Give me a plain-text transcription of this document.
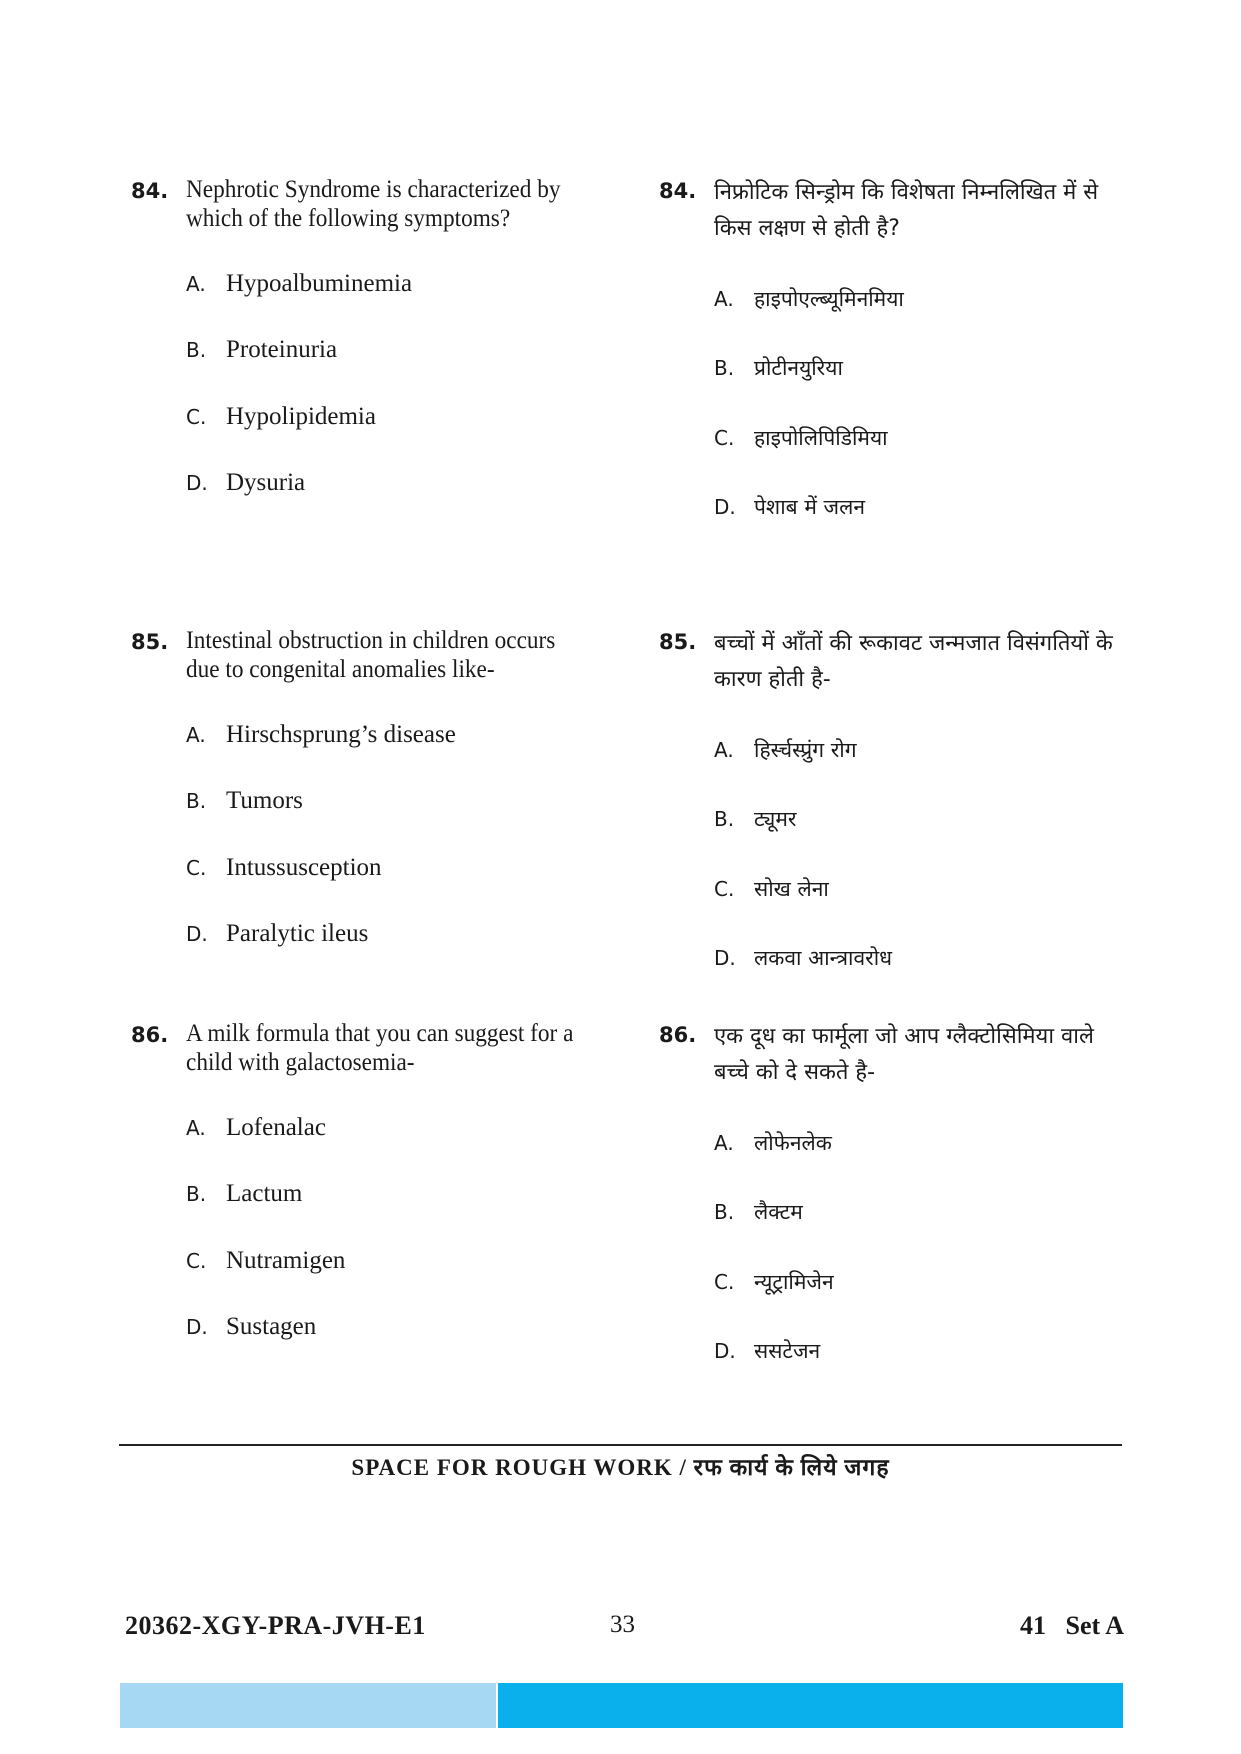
84. Nephrotic Syndrome is characterized by which of the following symptoms?
A. Hypoalbuminemia
B. Proteinuria
C. Hypolipidemia
D. Dysuria
84. निफ्रोटिक सिन्ड्रोम कि विशेषता निम्नलिखित में से किस लक्षण से होती है?
A. हाइपोएल्ब्यूमिनमिया
B. प्रोटीनयुरिया
C. हाइपोलिपिडिमिया
D. पेशाब में जलन
85. Intestinal obstruction in children occurs due to congenital anomalies like-
A. Hirschsprung’s disease
B. Tumors
C. Intussusception
D. Paralytic ileus
85. बच्चों में आँतों की रूकावट जन्मजात विसंगतियों के कारण होती है-
A. हिर्स्चस्प्रुंग रोग
B. ट्यूमर
C. सोख लेना
D. लकवा आन्त्रावरोध
86. A milk formula that you can suggest for a child with galactosemia-
A. Lofenalac
B. Lactum
C. Nutramigen
D. Sustagen
86. एक दूध का फार्मूला जो आप ग्लैक्टोसिमिया वाले बच्चे को दे सकते है-
A. लोफेनलेक
B. लैक्टम
C. न्यूट्रामिजेन
D. ससटेजन
SPACE FOR ROUGH WORK / रफ कार्य के लिये जगह
20362-XGY-PRA-JVH-E1	33	41   Set A
